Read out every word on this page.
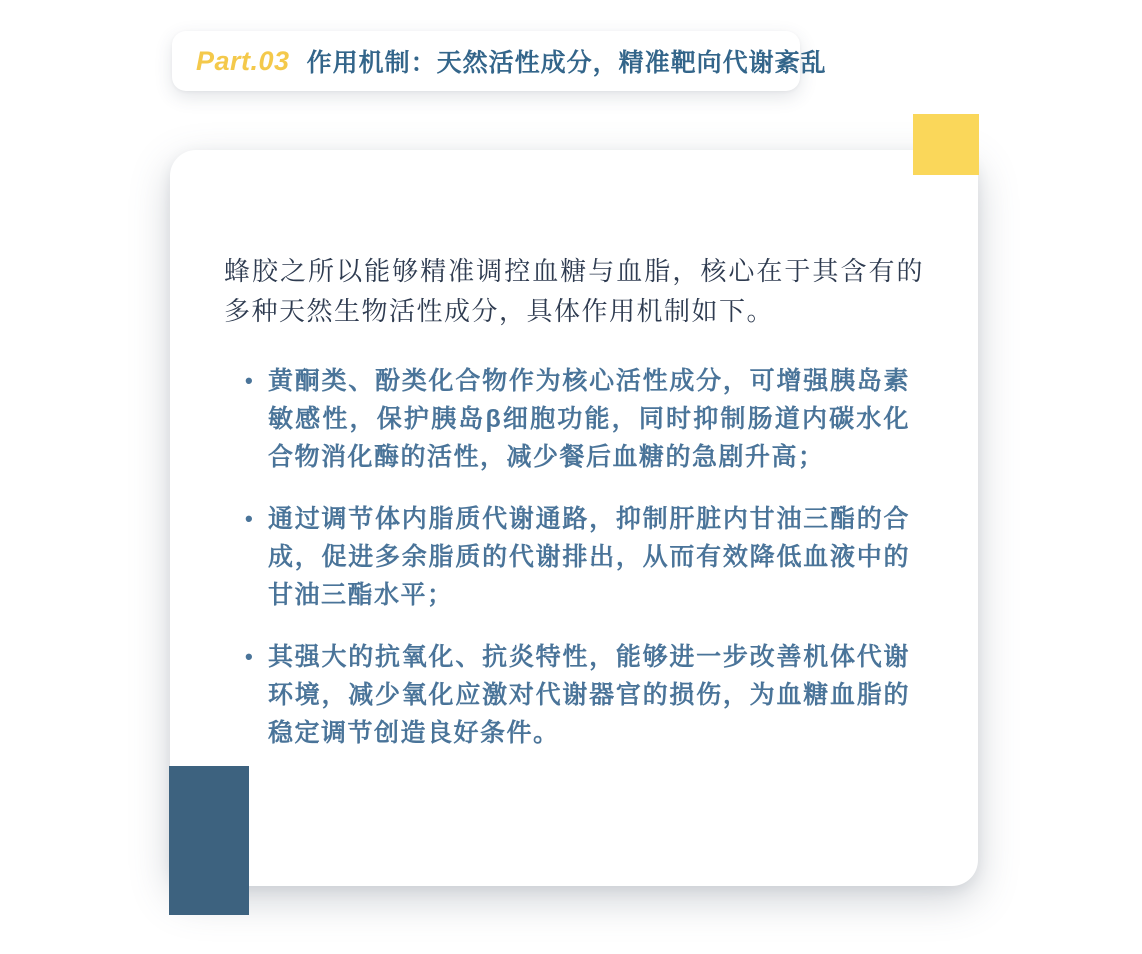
Part.03 作用机制：天然活性成分，精准靶向代谢紊乱

蜂胶之所以能够精准调控血糖与血脂，核心在于其含有的多种天然生物活性成分，具体作用机制如下。

• 黄酮类、酚类化合物作为核心活性成分，可增强胰岛素敏感性，保护胰岛β细胞功能，同时抑制肠道内碳水化合物消化酶的活性，减少餐后血糖的急剧升高；
• 通过调节体内脂质代谢通路，抑制肝脏内甘油三酯的合成，促进多余脂质的代谢排出，从而有效降低血液中的甘油三酯水平；
• 其强大的抗氧化、抗炎特性，能够进一步改善机体代谢环境，减少氧化应激对代谢器官的损伤，为血糖血脂的稳定调节创造良好条件。
